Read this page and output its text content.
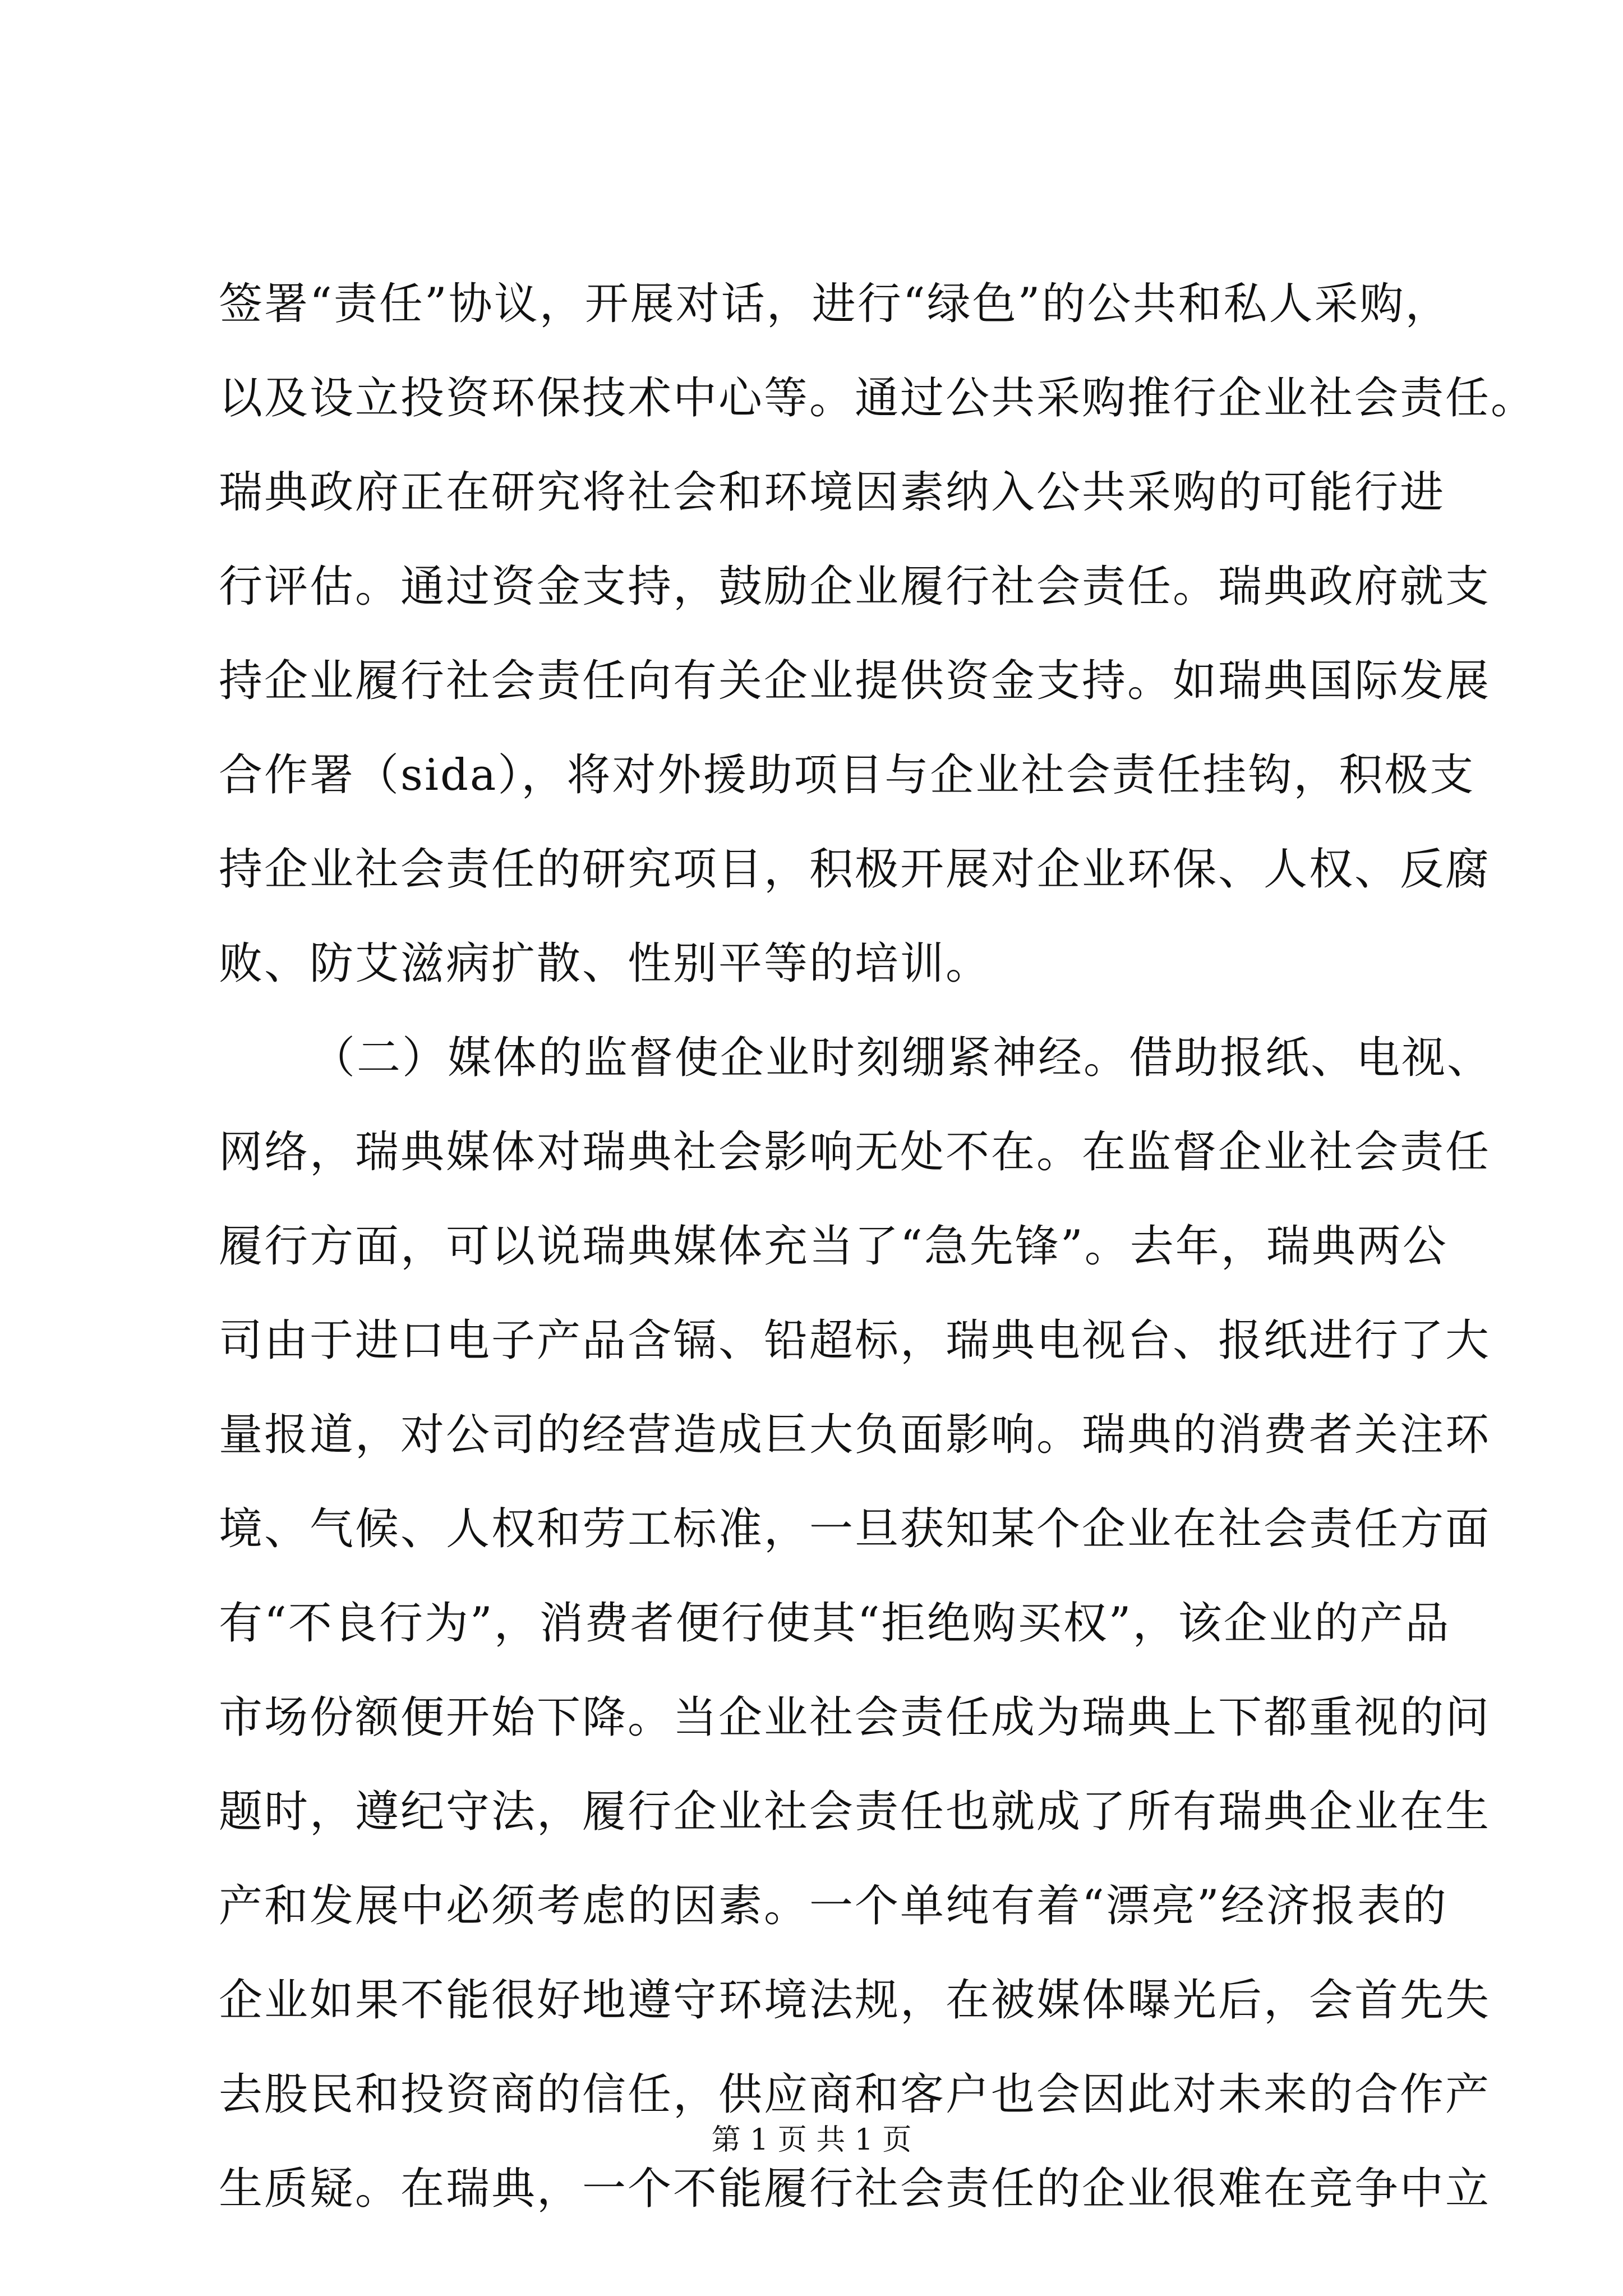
签署“责任”协议，开展对话，进行“绿色”的公共和私人采购，
以及设立投资环保技术中心等。通过公共采购推行企业社会责任。
瑞典政府正在研究将社会和环境因素纳入公共采购的可能行进
行评估。通过资金支持，鼓励企业履行社会责任。瑞典政府就支
持企业履行社会责任向有关企业提供资金支持。如瑞典国际发展
合作署（sida），将对外援助项目与企业社会责任挂钩，积极支
持企业社会责任的研究项目，积极开展对企业环保、人权、反腐
败、防艾滋病扩散、性别平等的培训。
（二）媒体的监督使企业时刻绷紧神经。借助报纸、电视、
网络，瑞典媒体对瑞典社会影响无处不在。在监督企业社会责任
履行方面，可以说瑞典媒体充当了“急先锋”。去年，瑞典两公
司由于进口电子产品含镉、铅超标，瑞典电视台、报纸进行了大
量报道，对公司的经营造成巨大负面影响。瑞典的消费者关注环
境、气候、人权和劳工标准，一旦获知某个企业在社会责任方面
有“不良行为”，消费者便行使其“拒绝购买权”，该企业的产品
市场份额便开始下降。当企业社会责任成为瑞典上下都重视的问
题时，遵纪守法，履行企业社会责任也就成了所有瑞典企业在生
产和发展中必须考虑的因素。一个单纯有着“漂亮”经济报表的
企业如果不能很好地遵守环境法规，在被媒体曝光后，会首先失
去股民和投资商的信任，供应商和客户也会因此对未来的合作产
生质疑。在瑞典，一个不能履行社会责任的企业很难在竞争中立
第 1 页 共 1 页
